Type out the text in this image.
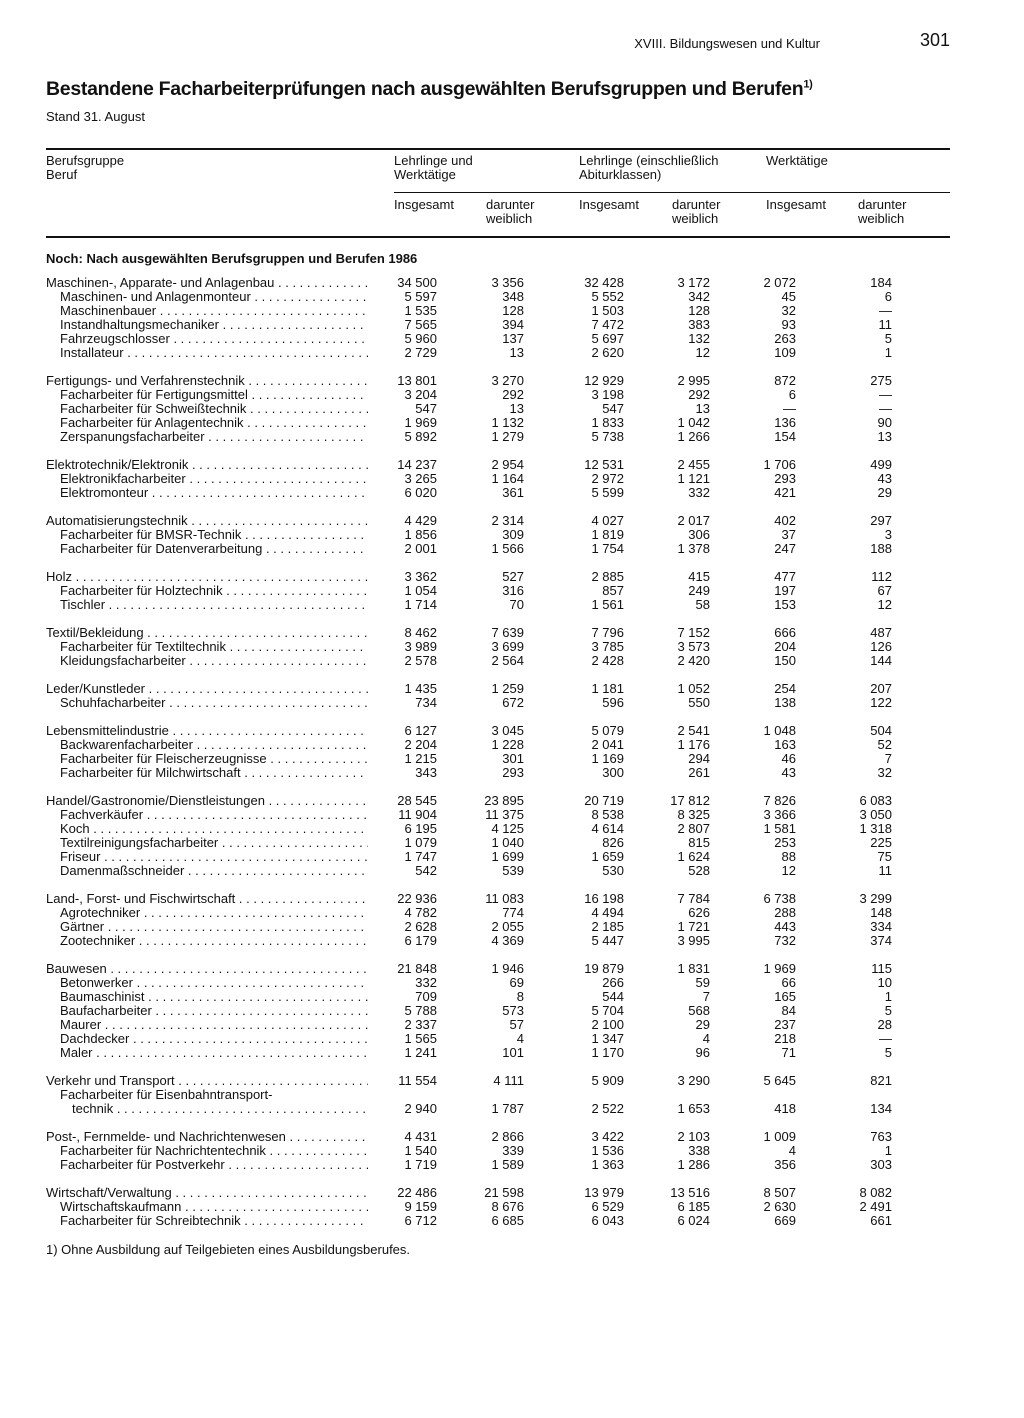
XVIII. Bildungswesen und Kultur	301
Bestandene Facharbeiterprüfungen nach ausgewählten Berufsgruppen und Berufen$^{1)}$
Stand 31. August
Berufsgruppe
Beruf
Lehrlinge und
Werktätige
Lehrlinge (einschließlich
Abiturklassen)
Werktätige
Insgesamt darunter
weiblich
Insgesamt	darunter
weiblich
Insgesamt darunter
weiblich
Noch: Nach ausgewählten Berufsgruppen und Berufen 1986
Maschinen-, Apparate- und Anlagenbau . . .	34 500	3 356	32 428	3 172	2 072	184
Maschinen- und Anlagenmonteur . . .	5 597	348	5 552	342	45	6
Maschinenbauer . . .	1 535	128	1 503	128	32	—
Instandhaltungsmechaniker . . .	7 565	394	7 472	383	93	11
Fahrzeugschlosser . . .	5 960	137	5 697	132	263	5
Installateur . . .	2 729	13	2 620	12	109	1
Fertigungs- und Verfahrenstechnik . . .	13 801	3 270	12 929	2 995	872	275
Facharbeiter für Fertigungsmittel . . .	3 204	292	3 198	292	6	—
Facharbeiter für Schweißtechnik . . .	547	13	547	13	—	—
Facharbeiter für Anlagentechnik . . .	1 969	1 132	1 833	1 042	136	90
Zerspanungsfacharbeiter . . .	5 892	1 279	5 738	1 266	154	13
Elektrotechnik/Elektronik . . .	14 237	2 954	12 531	2 455	1 706	499
Elektronikfacharbeiter . . .	3 265	1 164	2 972	1 121	293	43
Elektromonteur . . .	6 020	361	5 599	332	421	29
Automatisierungstechnik . . .	4 429	2 314	4 027	2 017	402	297
Facharbeiter für BMSR-Technik . . .	1 856	309	1 819	306	37	3
Facharbeiter für Datenverarbeitung . . .	2 001	1 566	1 754	1 378	247	188
Holz . . .	3 362	527	2 885	415	477	112
Facharbeiter für Holztechnik . . .	1 054	316	857	249	197	67
Tischler . . .	1 714	70	1 561	58	153	12
Textil/Bekleidung . . .	8 462	7 639	7 796	7 152	666	487
Facharbeiter für Textiltechnik . . .	3 989	3 699	3 785	3 573	204	126
Kleidungsfacharbeiter . . .	2 578	2 564	2 428	2 420	150	144
Leder/Kunstleder . . .	1 435	1 259	1 181	1 052	254	207
Schuhfacharbeiter . . .	734	672	596	550	138	122
Lebensmittelindustrie . . .	6 127	3 045	5 079	2 541	1 048	504
Backwarenfacharbeiter . . .	2 204	1 228	2 041	1 176	163	52
Facharbeiter für Fleischerzeugnisse . . .	1 215	301	1 169	294	46	7
Facharbeiter für Milchwirtschaft . . .	343	293	300	261	43	32
Handel/Gastronomie/Dienstleistungen . . .	28 545	23 895	20 719	17 812	7 826	6 083
Fachverkäufer . . .	11 904	11 375	8 538	8 325	3 366	3 050
Koch . . .	6 195	4 125	4 614	2 807	1 581	1 318
Textilreinigungsfacharbeiter . . .	1 079	1 040	826	815	253	225
Friseur . . .	1 747	1 699	1 659	1 624	88	75
Damenmaßschneider . . .	542	539	530	528	12	11
Land-, Forst- und Fischwirtschaft . . .	22 936	11 083	16 198	7 784	6 738	3 299
Agrotechniker . . .	4 782	774	4 494	626	288	148
Gärtner . . .	2 628	2 055	2 185	1 721	443	334
Zootechniker . . .	6 179	4 369	5 447	3 995	732	374
Bauwesen . . .	21 848	1 946	19 879	1 831	1 969	115
Betonwerker . . .	332	69	266	59	66	10
Baumaschinist . . .	709	8	544	7	165	1
Baufacharbeiter . . .	5 788	573	5 704	568	84	5
Maurer . . .	2 337	57	2 100	29	237	28
Dachdecker . . .	1 565	4	1 347	4	218	—
Maler . . .	1 241	101	1 170	96	71	5
Verkehr und Transport . . .	11 554	4 111	5 909	3 290	5 645	821
Facharbeiter für Eisenbahntransport-
technik . . .	2 940	1 787	2 522	1 653	418	134
Post-, Fernmelde- und Nachrichtenwesen . . .	4 431	2 866	3 422	2 103	1 009	763
Facharbeiter für Nachrichtentechnik . . .	1 540	339	1 536	338	4	1
Facharbeiter für Postverkehr . . .	1 719	1 589	1 363	1 286	356	303
Wirtschaft/Verwaltung . . .	22 486	21 598	13 979	13 516	8 507	8 082
Wirtschaftskaufmann . . .	9 159	8 676	6 529	6 185	2 630	2 491
Facharbeiter für Schreibtechnik . . .	6 712	6 685	6 043	6 024	669	661
1) Ohne Ausbildung auf Teilgebieten eines Ausbildungsberufes.
